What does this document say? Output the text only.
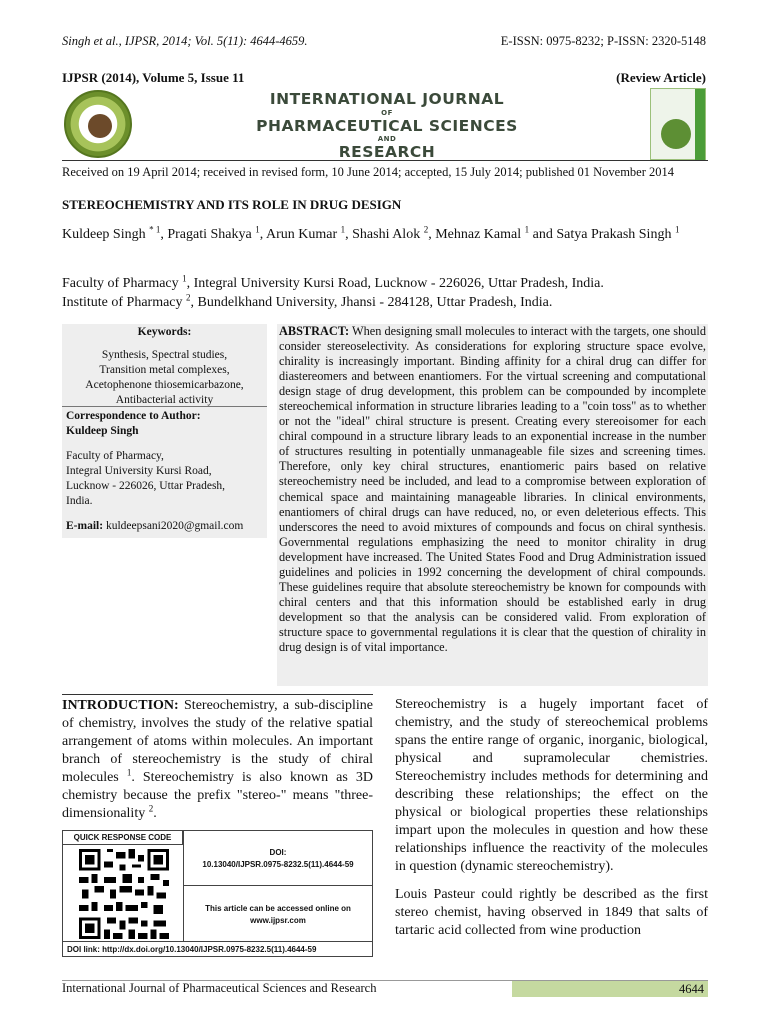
Singh et al., IJPSR, 2014; Vol. 5(11): 4644-4659.	E-ISSN: 0975-8232; P-ISSN: 2320-5148
IJPSR (2014), Volume 5, Issue 11	(Review Article)
INTERNATIONAL JOURNAL
OF
PHARMACEUTICAL SCIENCES
AND
RESEARCH
Received on 19 April 2014; received in revised form, 10 June 2014; accepted, 15 July 2014; published 01 November 2014
STEREOCHEMISTRY AND ITS ROLE IN DRUG DESIGN
Kuldeep Singh $^{* 1}$, Pragati Shakya $^1$, Arun Kumar $^1$, Shashi Alok $^2$, Mehnaz Kamal $^1$ and Satya Prakash Singh $^1$
Faculty of Pharmacy $^1$, Integral University Kursi Road, Lucknow - 226026, Uttar Pradesh, India.
Institute of Pharmacy $^2$, Bundelkhand University, Jhansi - 284128, Uttar Pradesh, India.
Keywords:
Synthesis, Spectral studies,
Transition metal complexes,
Acetophenone thiosemicarbazone,
Antibacterial activity
Correspondence to Author:
Kuldeep Singh
Faculty of Pharmacy,
Integral University Kursi Road,
Lucknow - 226026, Uttar Pradesh,
India.
E-mail: kuldeepsani2020@gmail.com
ABSTRACT: When designing small molecules to interact with the targets, one should consider stereoselectivity. As considerations for exploring structure space evolve, chirality is increasingly important. Binding affinity for a chiral drug can differ for diastereomers and between enantiomers. For the virtual screening and computational design stage of drug development, this problem can be compounded by incomplete stereochemical information in structure libraries leading to a "coin toss" as to whether or not the "ideal" chiral structure is present. Creating every stereoisomer for each chiral compound in a structure library leads to an exponential increase in the number of structures resulting in potentially unmanageable file sizes and screening times. Therefore, only key chiral structures, enantiomeric pairs based on relative stereochemistry need be included, and lead to a compromise between exploration of chemical space and maintaining manageable libraries. In clinical environments, enantiomers of chiral drugs can have reduced, no, or even deleterious effects. This underscores the need to avoid mixtures of compounds and focus on chiral synthesis. Governmental regulations emphasizing the need to monitor chirality in drug development have increased. The United States Food and Drug Administration issued guidelines and policies in 1992 concerning the development of chiral compounds. These guidelines require that absolute stereochemistry be known for compounds with chiral centers and that this information should be established early in drug development so that the analysis can be considered valid. From exploration of structure space to governmental regulations it is clear that the question of chirality in drug design is of vital importance.
INTRODUCTION: Stereochemistry, a sub-discipline of chemistry, involves the study of the relative spatial arrangement of atoms within molecules. An important branch of stereochemistry is the study of chiral molecules $^1$. Stereochemistry is also known as 3D chemistry because the prefix "stereo-" means "three-dimensionality $^2$.
QUICK RESPONSE CODE
DOI:
10.13040/IJPSR.0975-8232.5(11).4644-59
This article can be accessed online on
www.ijpsr.com
DOI link: http://dx.doi.org/10.13040/IJPSR.0975-8232.5(11).4644-59

Stereochemistry is a hugely important facet of chemistry, and the study of stereochemical problems spans the entire range of organic, inorganic, biological, physical and supramolecular chemistries. Stereochemistry includes methods for determining and describing these relationships; the effect on the physical or biological properties these relationships impart upon the molecules in question and how these relationships influence the reactivity of the molecules in question (dynamic stereochemistry).

Louis Pasteur could rightly be described as the first stereo chemist, having observed in 1849 that salts of tartaric acid collected from wine production

International Journal of Pharmaceutical Sciences and Research	4644
